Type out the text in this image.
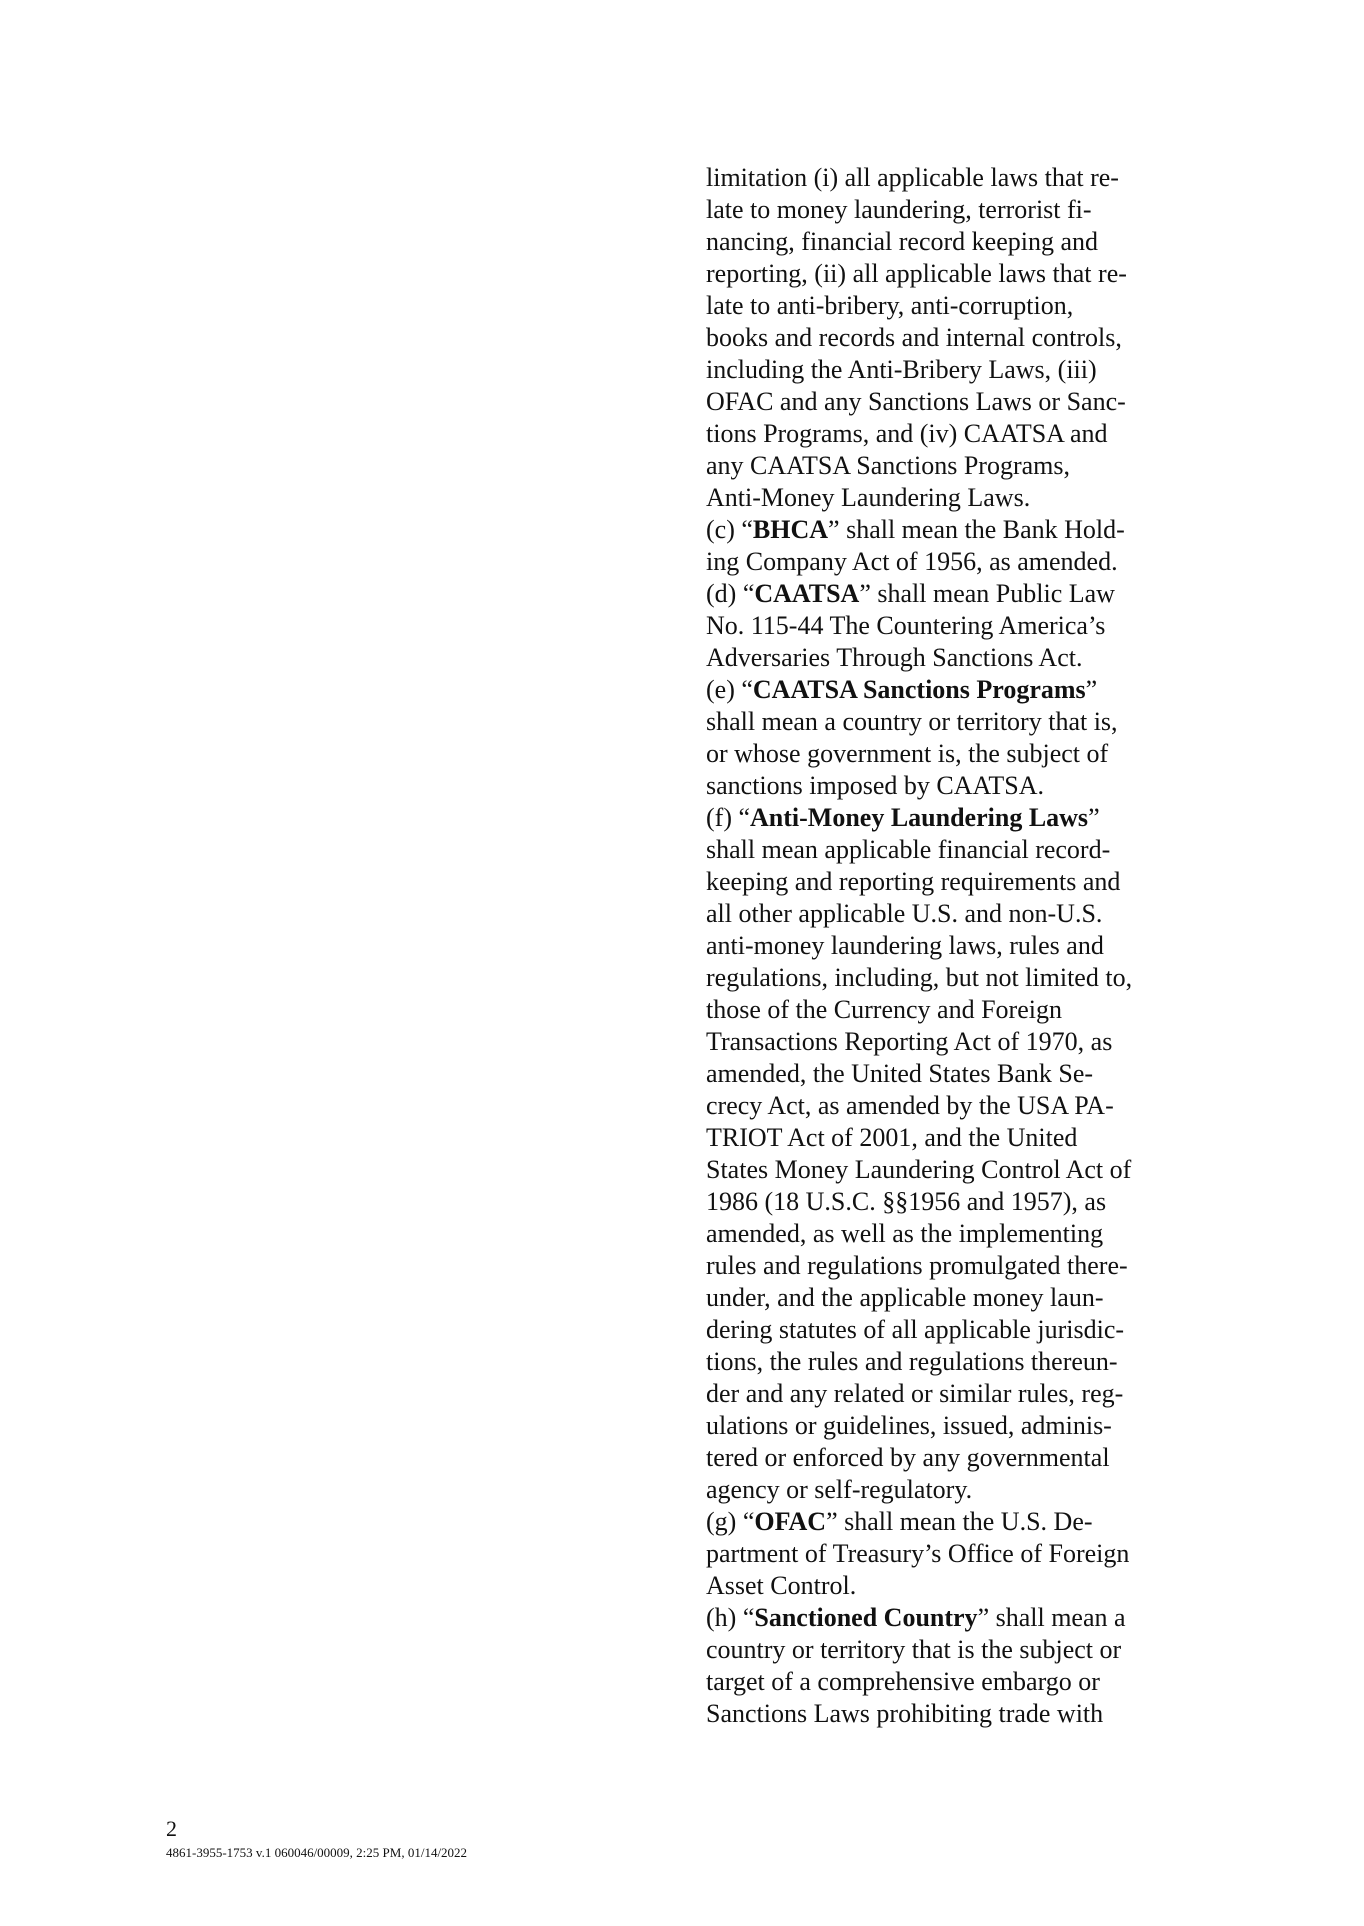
limitation (i) all applicable laws that re-
late to money laundering, terrorist fi-
nancing, financial record keeping and
reporting, (ii) all applicable laws that re-
late to anti-bribery, anti-corruption,
books and records and internal controls,
including the Anti-Bribery Laws, (iii)
OFAC and any Sanctions Laws or Sanc-
tions Programs, and (iv) CAATSA and
any CAATSA Sanctions Programs,
Anti-Money Laundering Laws.
(c) “BHCA” shall mean the Bank Hold-
ing Company Act of 1956, as amended.
(d) “CAATSA” shall mean Public Law
No. 115-44 The Countering America’s
Adversaries Through Sanctions Act.
(e) “CAATSA Sanctions Programs”
shall mean a country or territory that is,
or whose government is, the subject of
sanctions imposed by CAATSA.
(f) “Anti-Money Laundering Laws”
shall mean applicable financial record-
keeping and reporting requirements and
all other applicable U.S. and non-U.S.
anti-money laundering laws, rules and
regulations, including, but not limited to,
those of the Currency and Foreign
Transactions Reporting Act of 1970, as
amended, the United States Bank Se-
crecy Act, as amended by the USA PA-
TRIOT Act of 2001, and the United
States Money Laundering Control Act of
1986 (18 U.S.C. §§1956 and 1957), as
amended, as well as the implementing
rules and regulations promulgated there-
under, and the applicable money laun-
dering statutes of all applicable jurisdic-
tions, the rules and regulations thereun-
der and any related or similar rules, reg-
ulations or guidelines, issued, adminis-
tered or enforced by any governmental
agency or self-regulatory.
(g) “OFAC” shall mean the U.S. De-
partment of Treasury’s Office of Foreign
Asset Control.
(h) “Sanctioned Country” shall mean a
country or territory that is the subject or
target of a comprehensive embargo or
Sanctions Laws prohibiting trade with
2
4861-3955-1753 v.1 060046/00009, 2:25 PM, 01/14/2022
